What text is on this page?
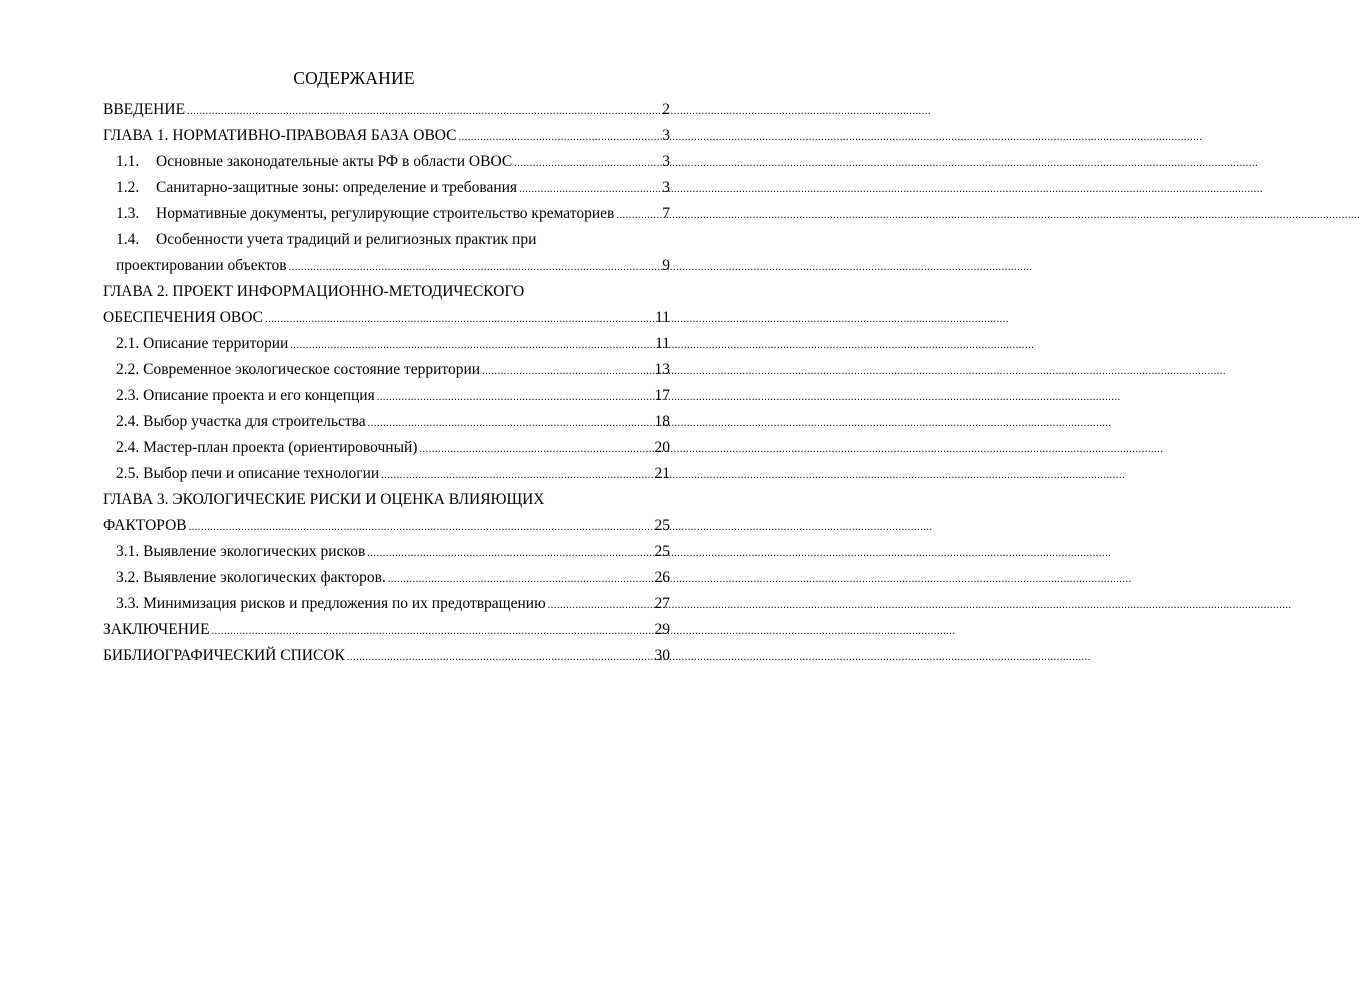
СОДЕРЖАНИЕ
ВВЕДЕНИЕ .....	2
ГЛАВА 1. НОРМАТИВНО-ПРАВОВАЯ БАЗА ОВОС .....	3
1.1.	Основные законодательные акты РФ в области ОВОС .....	3
1.2.	Санитарно-защитные зоны: определение и требования .....	3
1.3.	Нормативные документы, регулирующие строительство крематориев .....	7
1.4. Особенности учета традиций и религиозных практик при
проектировании объектов .....	9
ГЛАВА 2. ПРОЕКТ ИНФОРМАЦИОННО-МЕТОДИЧЕСКОГО
ОБЕСПЕЧЕНИЯ ОВОС .....	11
2.1. Описание территории .....	11
2.2. Современное экологическое состояние территории .....	13
2.3. Описание проекта и его концепция .....	17
2.4. Выбор участка для строительства .....	18
2.4. Мастер-план проекта (ориентировочный) .....	20
2.5. Выбор печи и описание технологии .....	21
ГЛАВА 3. ЭКОЛОГИЧЕСКИЕ РИСКИ И ОЦЕНКА ВЛИЯЮЩИХ
ФАКТОРОВ .....	25
3.1. Выявление экологических рисков .....	25
3.2. Выявление экологических факторов. .....	26
3.3. Минимизация рисков и предложения по их предотвращению .....	27
ЗАКЛЮЧЕНИЕ .....	29
БИБЛИОГРАФИЧЕСКИЙ СПИСОК .....	30
